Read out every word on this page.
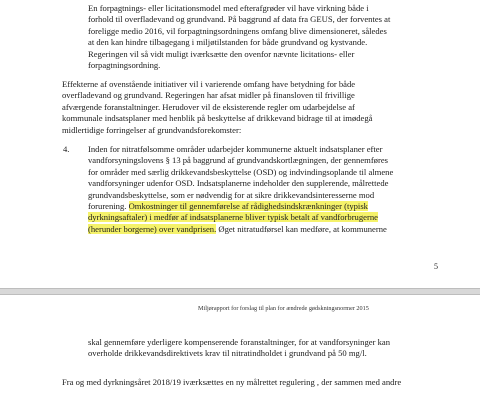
En forpagtnings- eller licitationsmodel med efterafgrøder vil have virkning både i forhold til overfladevand og grundvand. På baggrund af data fra GEUS, der forventes at foreligge medio 2016, vil forpagtningsordningens omfang blive dimensioneret, således at den kan hindre tilbagegang i miljøtilstanden for både grundvand og kystvande. Regeringen vil så vidt muligt iværksætte den ovenfor nævnte licitations- eller forpagtningsordning.

Effekterne af ovenstående initiativer vil i varierende omfang have betydning for både overfladevand og grundvand. Regeringen har afsat midler på finansloven til frivillige afværgende foranstaltninger. Herudover vil de eksisterende regler om udarbejdelse af kommunale indsatsplaner med henblik på beskyttelse af drikkevand bidrage til at imødegå midlertidige forringelser af grundvandsforekomster:

4. Inden for nitratfølsomme områder udarbejder kommunerne aktuelt indsatsplaner efter vandforsyningslovens § 13 på baggrund af grundvandskortlægningen, der gennemføres for områder med særlig drikkevandsbeskyttelse (OSD) og indvindingsoplande til almene vandforsyninger udenfor OSD. Indsatsplanerne indeholder den supplerende, målrettede grundvandsbeskyttelse, som er nødvendig for at sikre drikkevandsinteresserne mod forurening. Omkostninger til gennemførelse af rådighedsindskrænkninger (typisk dyrkningsaftaler) i medfør af indsatsplanerne bliver typisk betalt af vandforbrugerne (herunder borgerne) over vandprisen. Øget nitratudførsel kan medføre, at kommunerne

5
Miljørapport for forslag til plan for ændrede gødskningsnormer 2015

skal gennemføre yderligere kompenserende foranstaltninger, for at vandforsyninger kan overholde drikkevandsdirektivets krav til nitratindholdet i grundvand på 50 mg/l.

Fra og med dyrkningsåret 2018/19 iværksættes en ny målrettet regulering , der sammen med andre
